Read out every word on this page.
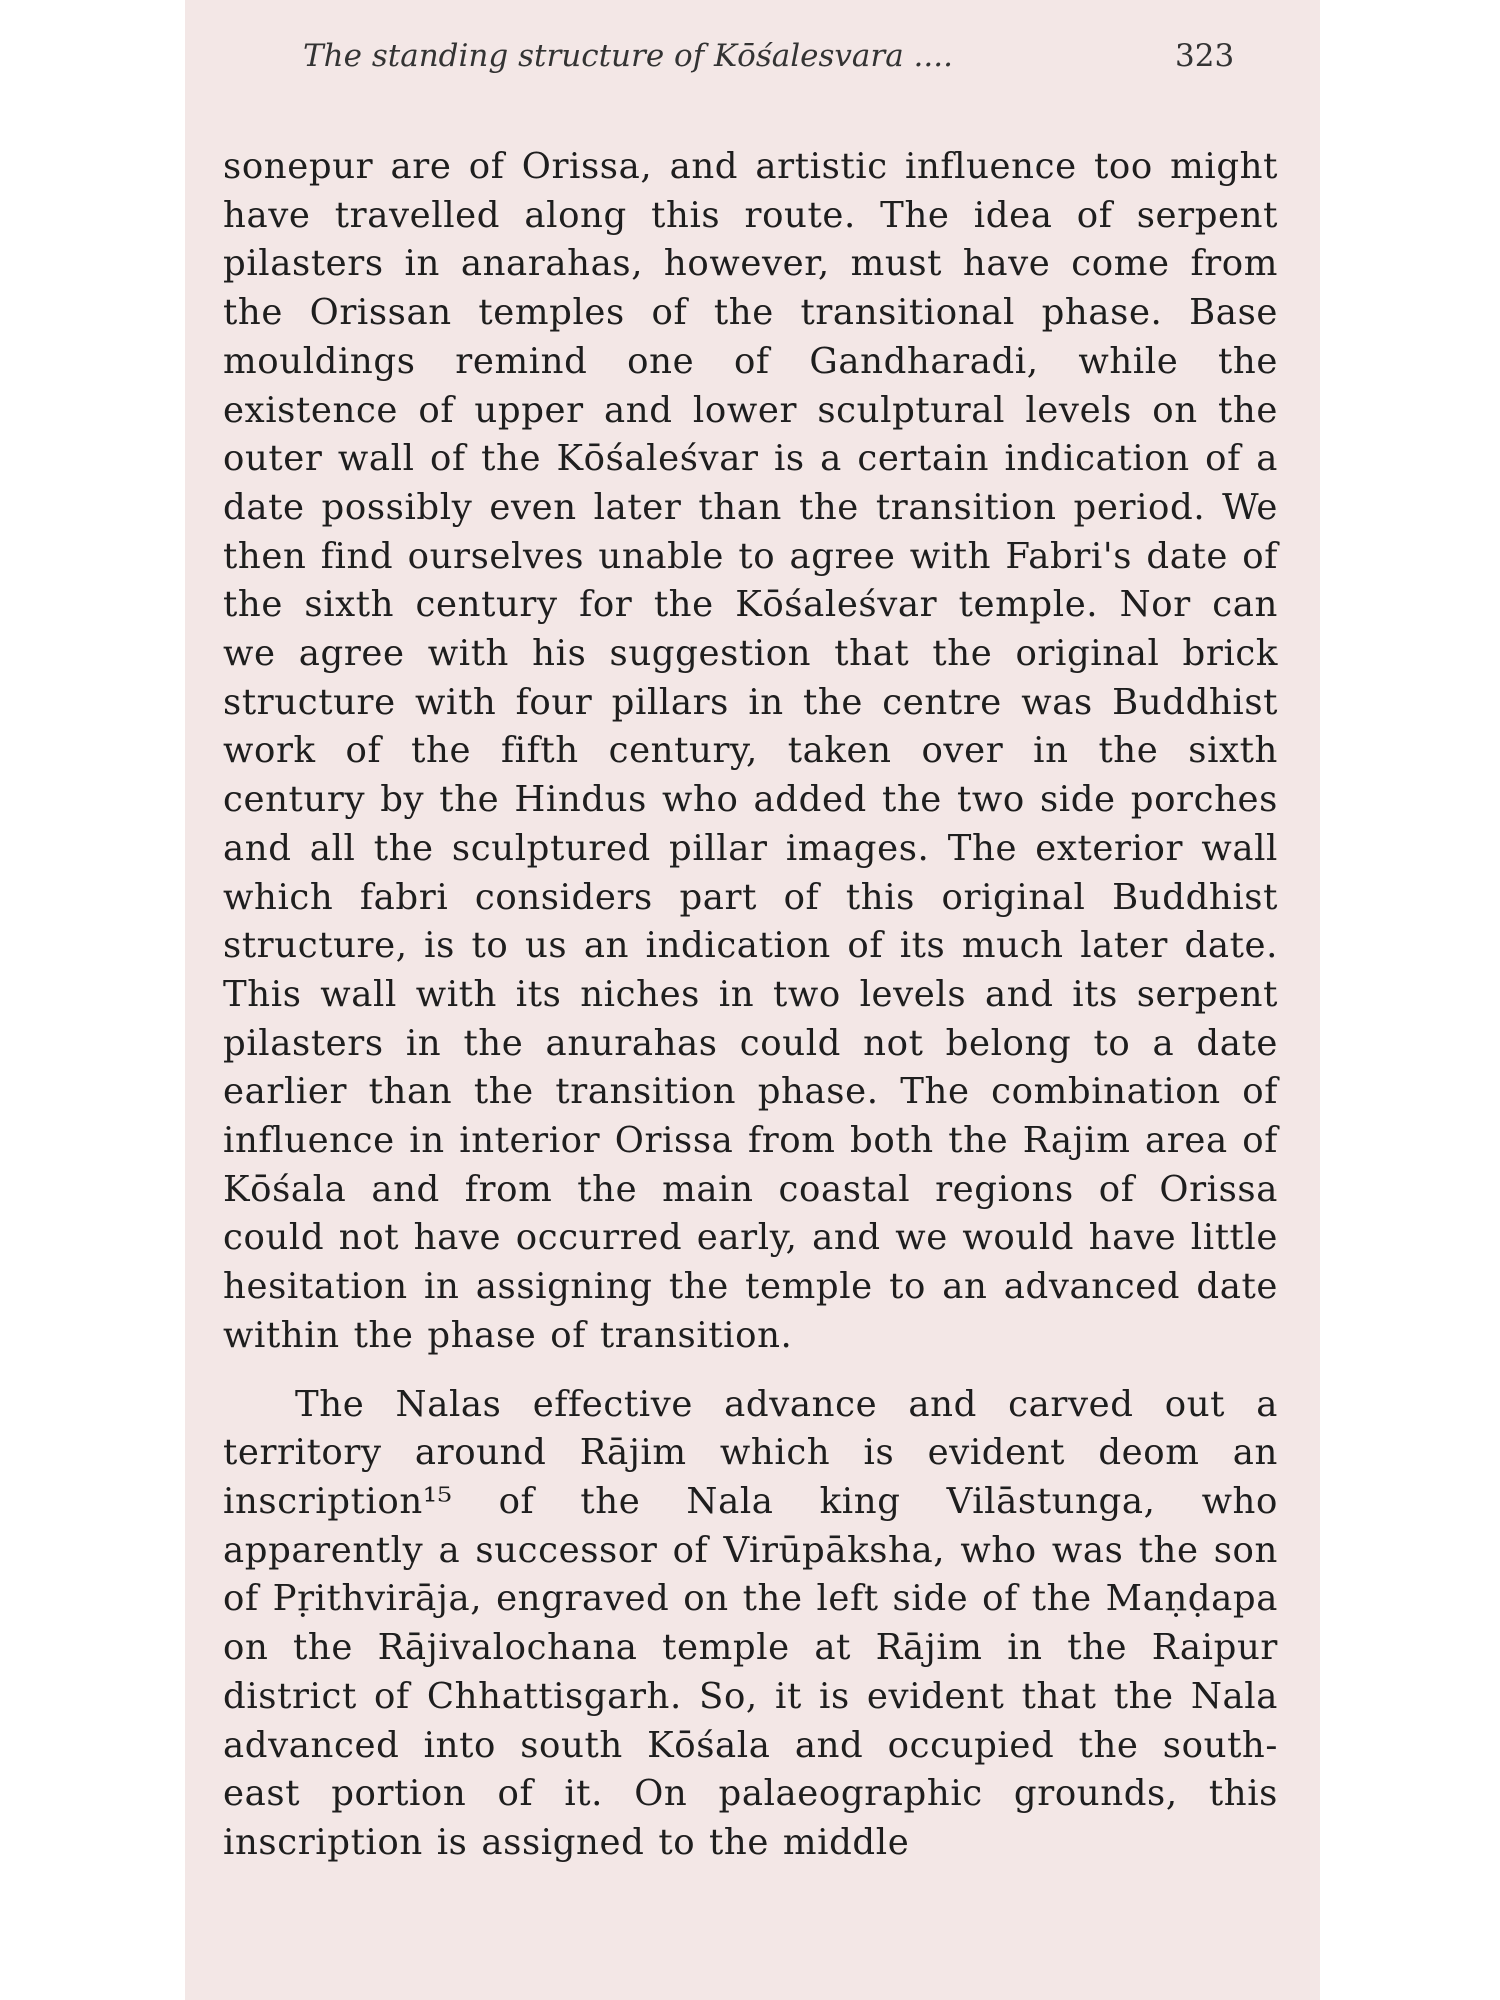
The standing structure of Kōśalesvara ....	323

sonepur are of Orissa, and artistic influence too might have travelled along this route. The idea of serpent pilasters in anarahas, however, must have come from the Orissan temples of the transitional phase. Base mouldings remind one of Gandharadi, while the existence of upper and lower sculptural levels on the outer wall of the Kōśaleśvar is a certain indication of a date possibly even later than the transition period. We then find ourselves unable to agree with Fabri's date of the sixth century for the Kōśaleśvar temple. Nor can we agree with his suggestion that the original brick structure with four pillars in the centre was Buddhist work of the fifth century, taken over in the sixth century by the Hindus who added the two side porches and all the sculptured pillar images. The exterior wall which fabri considers part of this original Buddhist structure, is to us an indication of its much later date. This wall with its niches in two levels and its serpent pilasters in the anurahas could not belong to a date earlier than the transition phase. The combination of influence in interior Orissa from both the Rajim area of Kōśala and from the main coastal regions of Orissa could not have occurred early, and we would have little hesitation in assigning the temple to an advanced date within the phase of transition.

The Nalas effective advance and carved out a territory around Rājim which is evident deom an inscription¹⁵ of the Nala king Vilāstunga, who apparently a successor of Virūpāksha, who was the son of Pṛithvirāja, engraved on the left side of the Maṇḍapa on the Rājivalochana temple at Rājim in the Raipur district of Chhattisgarh. So, it is evident that the Nala advanced into south Kōśala and occupied the south-east portion of it. On palaeographic grounds, this inscription is assigned to the middle
